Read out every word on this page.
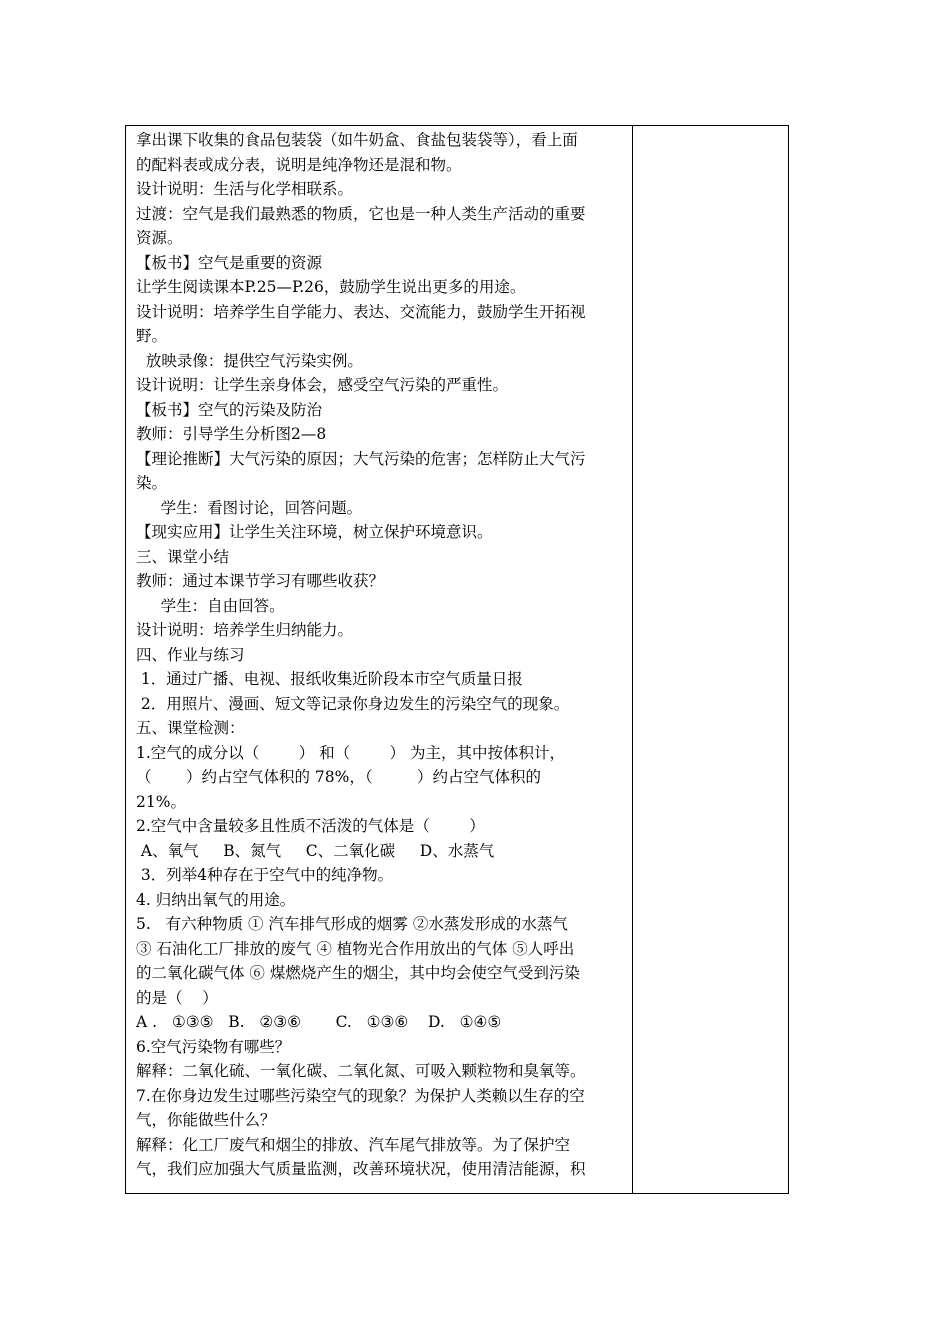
拿出课下收集的食品包装袋（如牛奶盒、食盐包装袋等），看上面
的配料表或成分表，说明是纯净物还是混和物。
设计说明：生活与化学相联系。
过渡：空气是我们最熟悉的物质，它也是一种人类生产活动的重要
资源。
【板书】空气是重要的资源
让学生阅读课本P.25—P.26，鼓励学生说出更多的用途。
设计说明：培养学生自学能力、表达、交流能力，鼓励学生开拓视
野。
放映录像：提供空气污染实例。
设计说明：让学生亲身体会，感受空气污染的严重性。
【板书】空气的污染及防治
教师：引导学生分析图2—8
【理论推断】大气污染的原因；大气污染的危害；怎样防止大气污
染。
学生：看图讨论，回答问题。
【现实应用】让学生关注环境，树立保护环境意识。
三、课堂小结
教师：通过本课节学习有哪些收获？
学生：自由回答。
设计说明：培养学生归纳能力。
四、作业与练习
1．通过广播、电视、报纸收集近阶段本市空气质量日报
2．用照片、漫画、短文等记录你身边发生的污染空气的现象。
五、课堂检测：
1.空气的成分以（        ） 和（        ） 为主，其中按体积计，
（       ）约占空气体积的 78%，（         ）约占空气体积的
21%。
2.空气中含量较多且性质不活泼的气体是（        ）
A、氧气     B、氮气     C、二氧化碳     D、水蒸气
3．列举4种存在于空气中的纯净物。
4. 归纳出氧气的用途。
5.   有六种物质 ① 汽车排气形成的烟雾 ②水蒸发形成的水蒸气
③ 石油化工厂排放的废气 ④ 植物光合作用放出的气体 ⑤人呼出
的二氧化碳气体 ⑥ 煤燃烧产生的烟尘，其中均会使空气受到污染
的是（    ）
A .   ①③⑤   B.   ②③⑥       C.   ①③⑥    D.   ①④⑤
6.空气污染物有哪些？
解释：二氧化硫、一氧化碳、二氧化氮、可吸入颗粒物和臭氧等。
7.在你身边发生过哪些污染空气的现象？为保护人类赖以生存的空
气，你能做些什么？
解释：化工厂废气和烟尘的排放、汽车尾气排放等。为了保护空
气，我们应加强大气质量监测，改善环境状况，使用清洁能源，积
